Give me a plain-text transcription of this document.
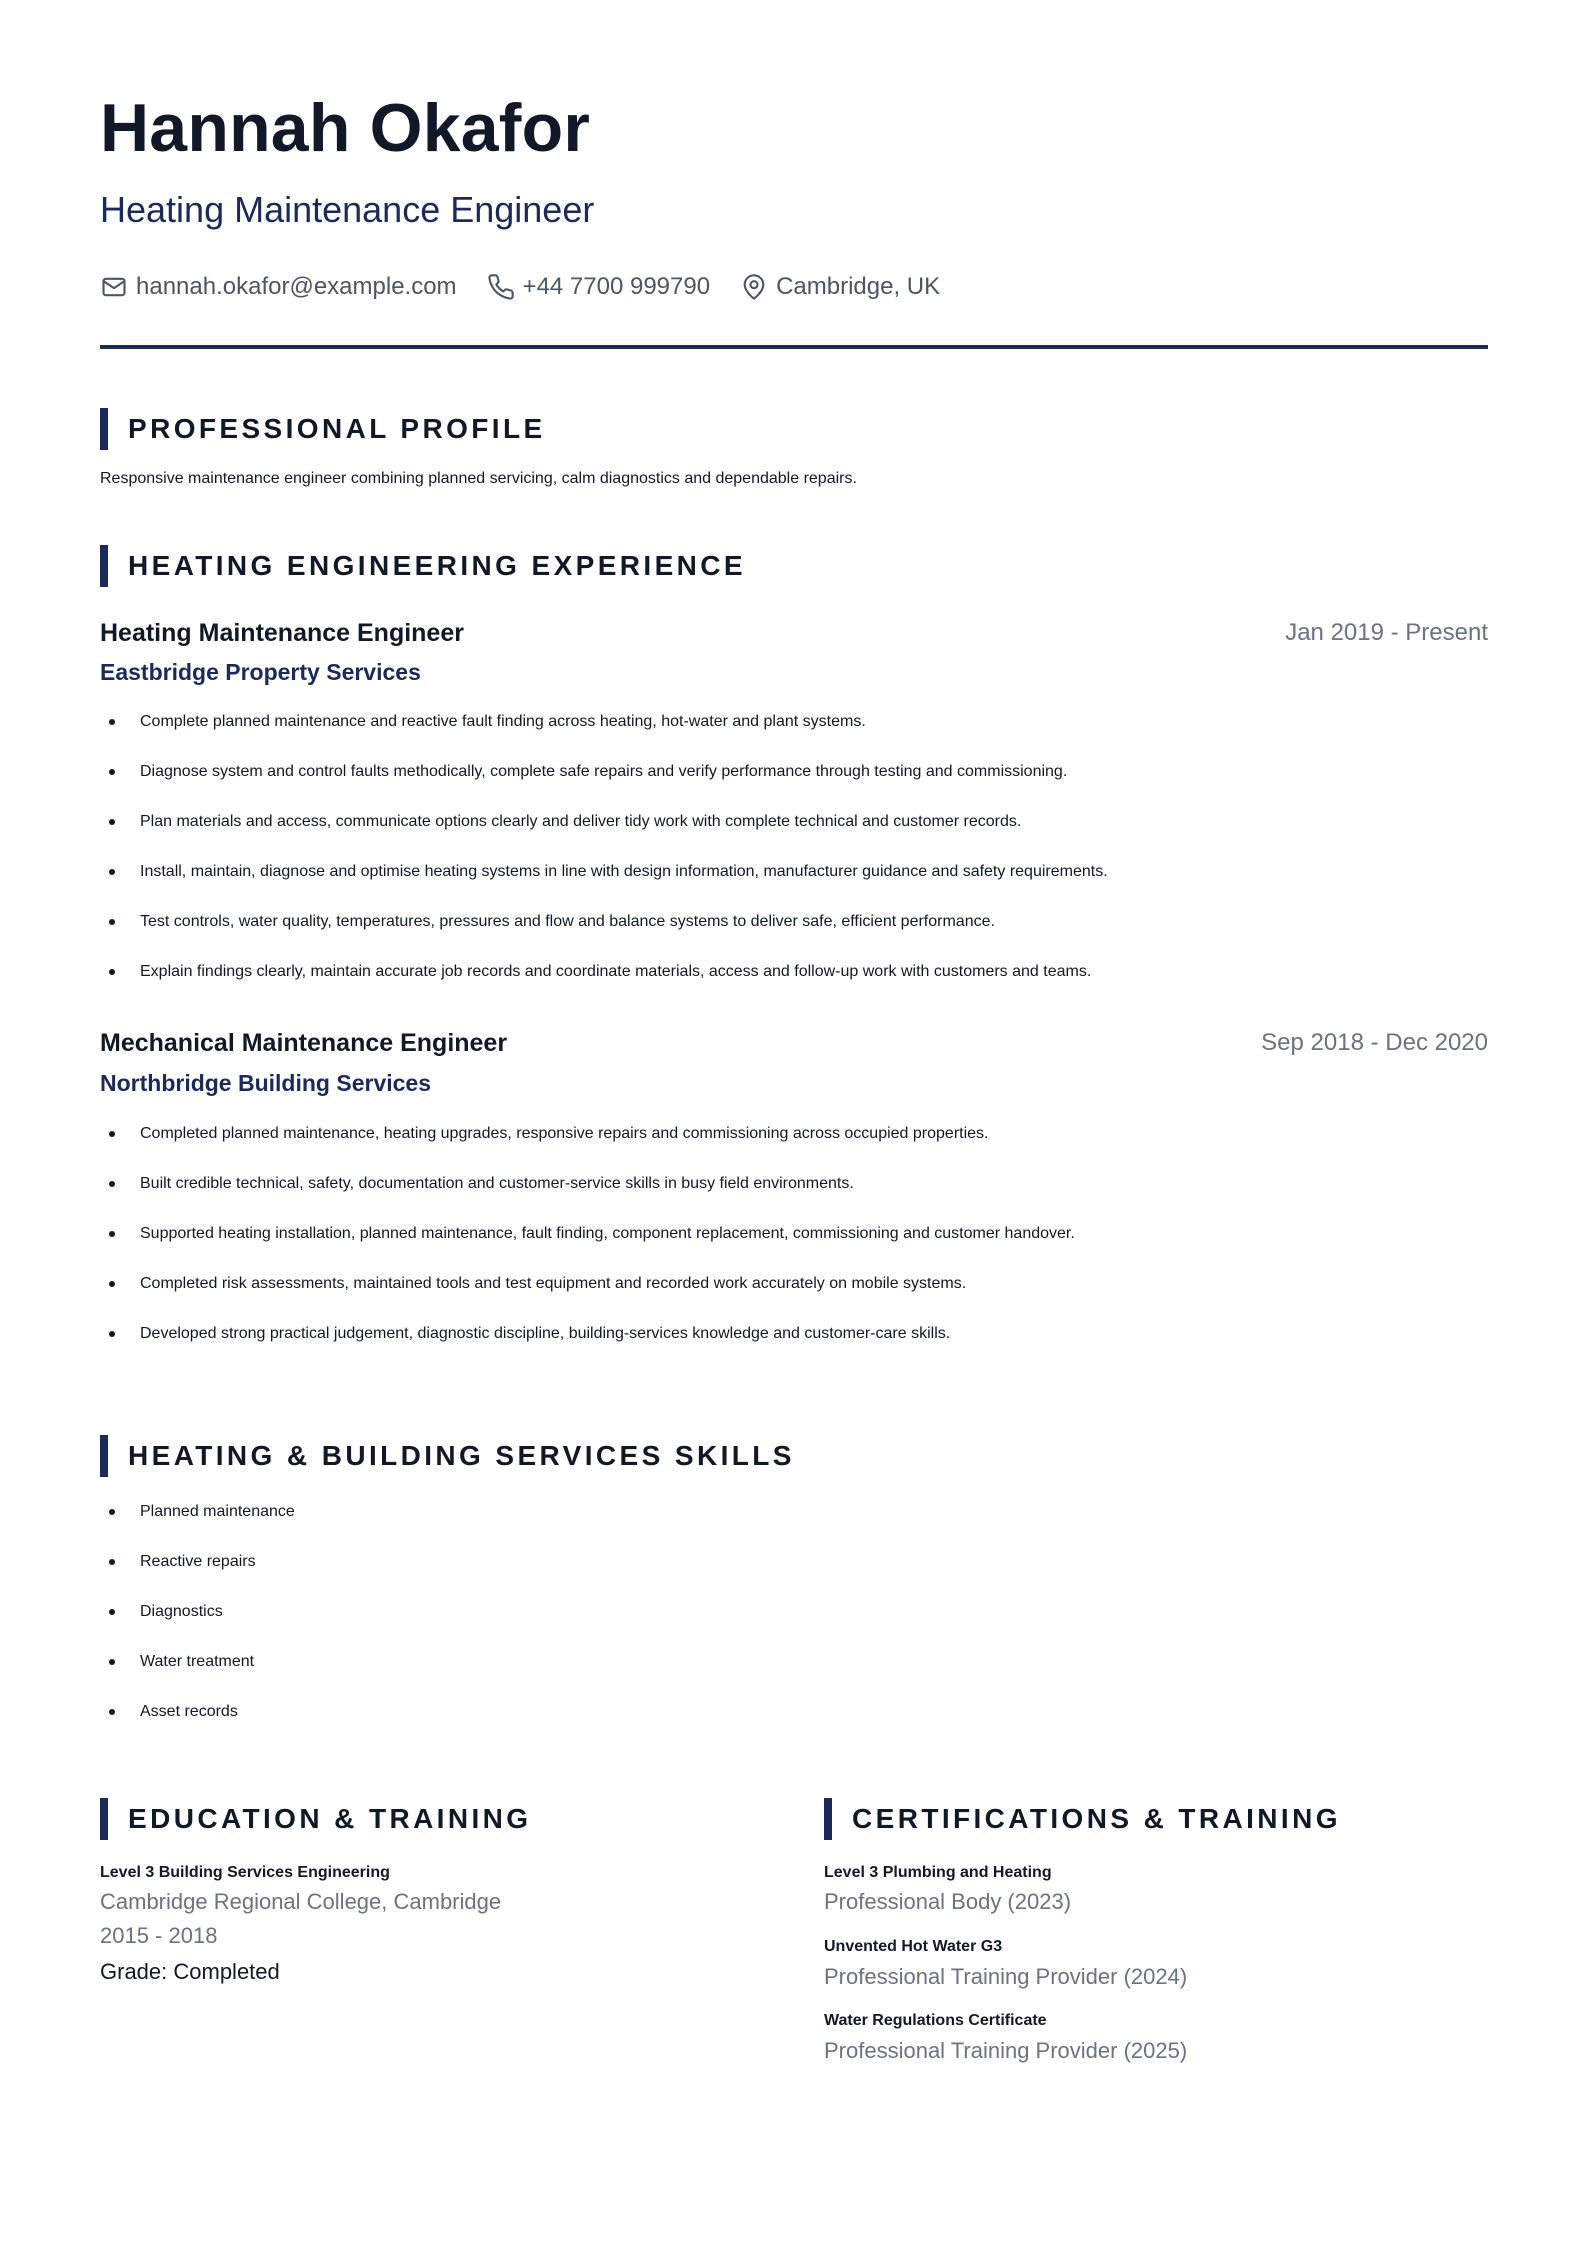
Hannah Okafor
Heating Maintenance Engineer
hannah.okafor@example.com	+44 7700 999790	Cambridge, UK
PROFESSIONAL PROFILE
Responsive maintenance engineer combining planned servicing, calm diagnostics and dependable repairs.
HEATING ENGINEERING EXPERIENCE
Heating Maintenance Engineer	Jan 2019 - Present
Eastbridge Property Services
Complete planned maintenance and reactive fault finding across heating, hot-water and plant systems.
Diagnose system and control faults methodically, complete safe repairs and verify performance through testing and commissioning.
Plan materials and access, communicate options clearly and deliver tidy work with complete technical and customer records.
Install, maintain, diagnose and optimise heating systems in line with design information, manufacturer guidance and safety requirements.
Test controls, water quality, temperatures, pressures and flow and balance systems to deliver safe, efficient performance.
Explain findings clearly, maintain accurate job records and coordinate materials, access and follow-up work with customers and teams.
Mechanical Maintenance Engineer	Sep 2018 - Dec 2020
Northbridge Building Services
Completed planned maintenance, heating upgrades, responsive repairs and commissioning across occupied properties.
Built credible technical, safety, documentation and customer-service skills in busy field environments.
Supported heating installation, planned maintenance, fault finding, component replacement, commissioning and customer handover.
Completed risk assessments, maintained tools and test equipment and recorded work accurately on mobile systems.
Developed strong practical judgement, diagnostic discipline, building-services knowledge and customer-care skills.
HEATING & BUILDING SERVICES SKILLS
Planned maintenance
Reactive repairs
Diagnostics
Water treatment
Asset records
EDUCATION & TRAINING
Level 3 Building Services Engineering
Cambridge Regional College, Cambridge
2015 - 2018
Grade: Completed
CERTIFICATIONS & TRAINING
Level 3 Plumbing and Heating
Professional Body (2023)
Unvented Hot Water G3
Professional Training Provider (2024)
Water Regulations Certificate
Professional Training Provider (2025)
